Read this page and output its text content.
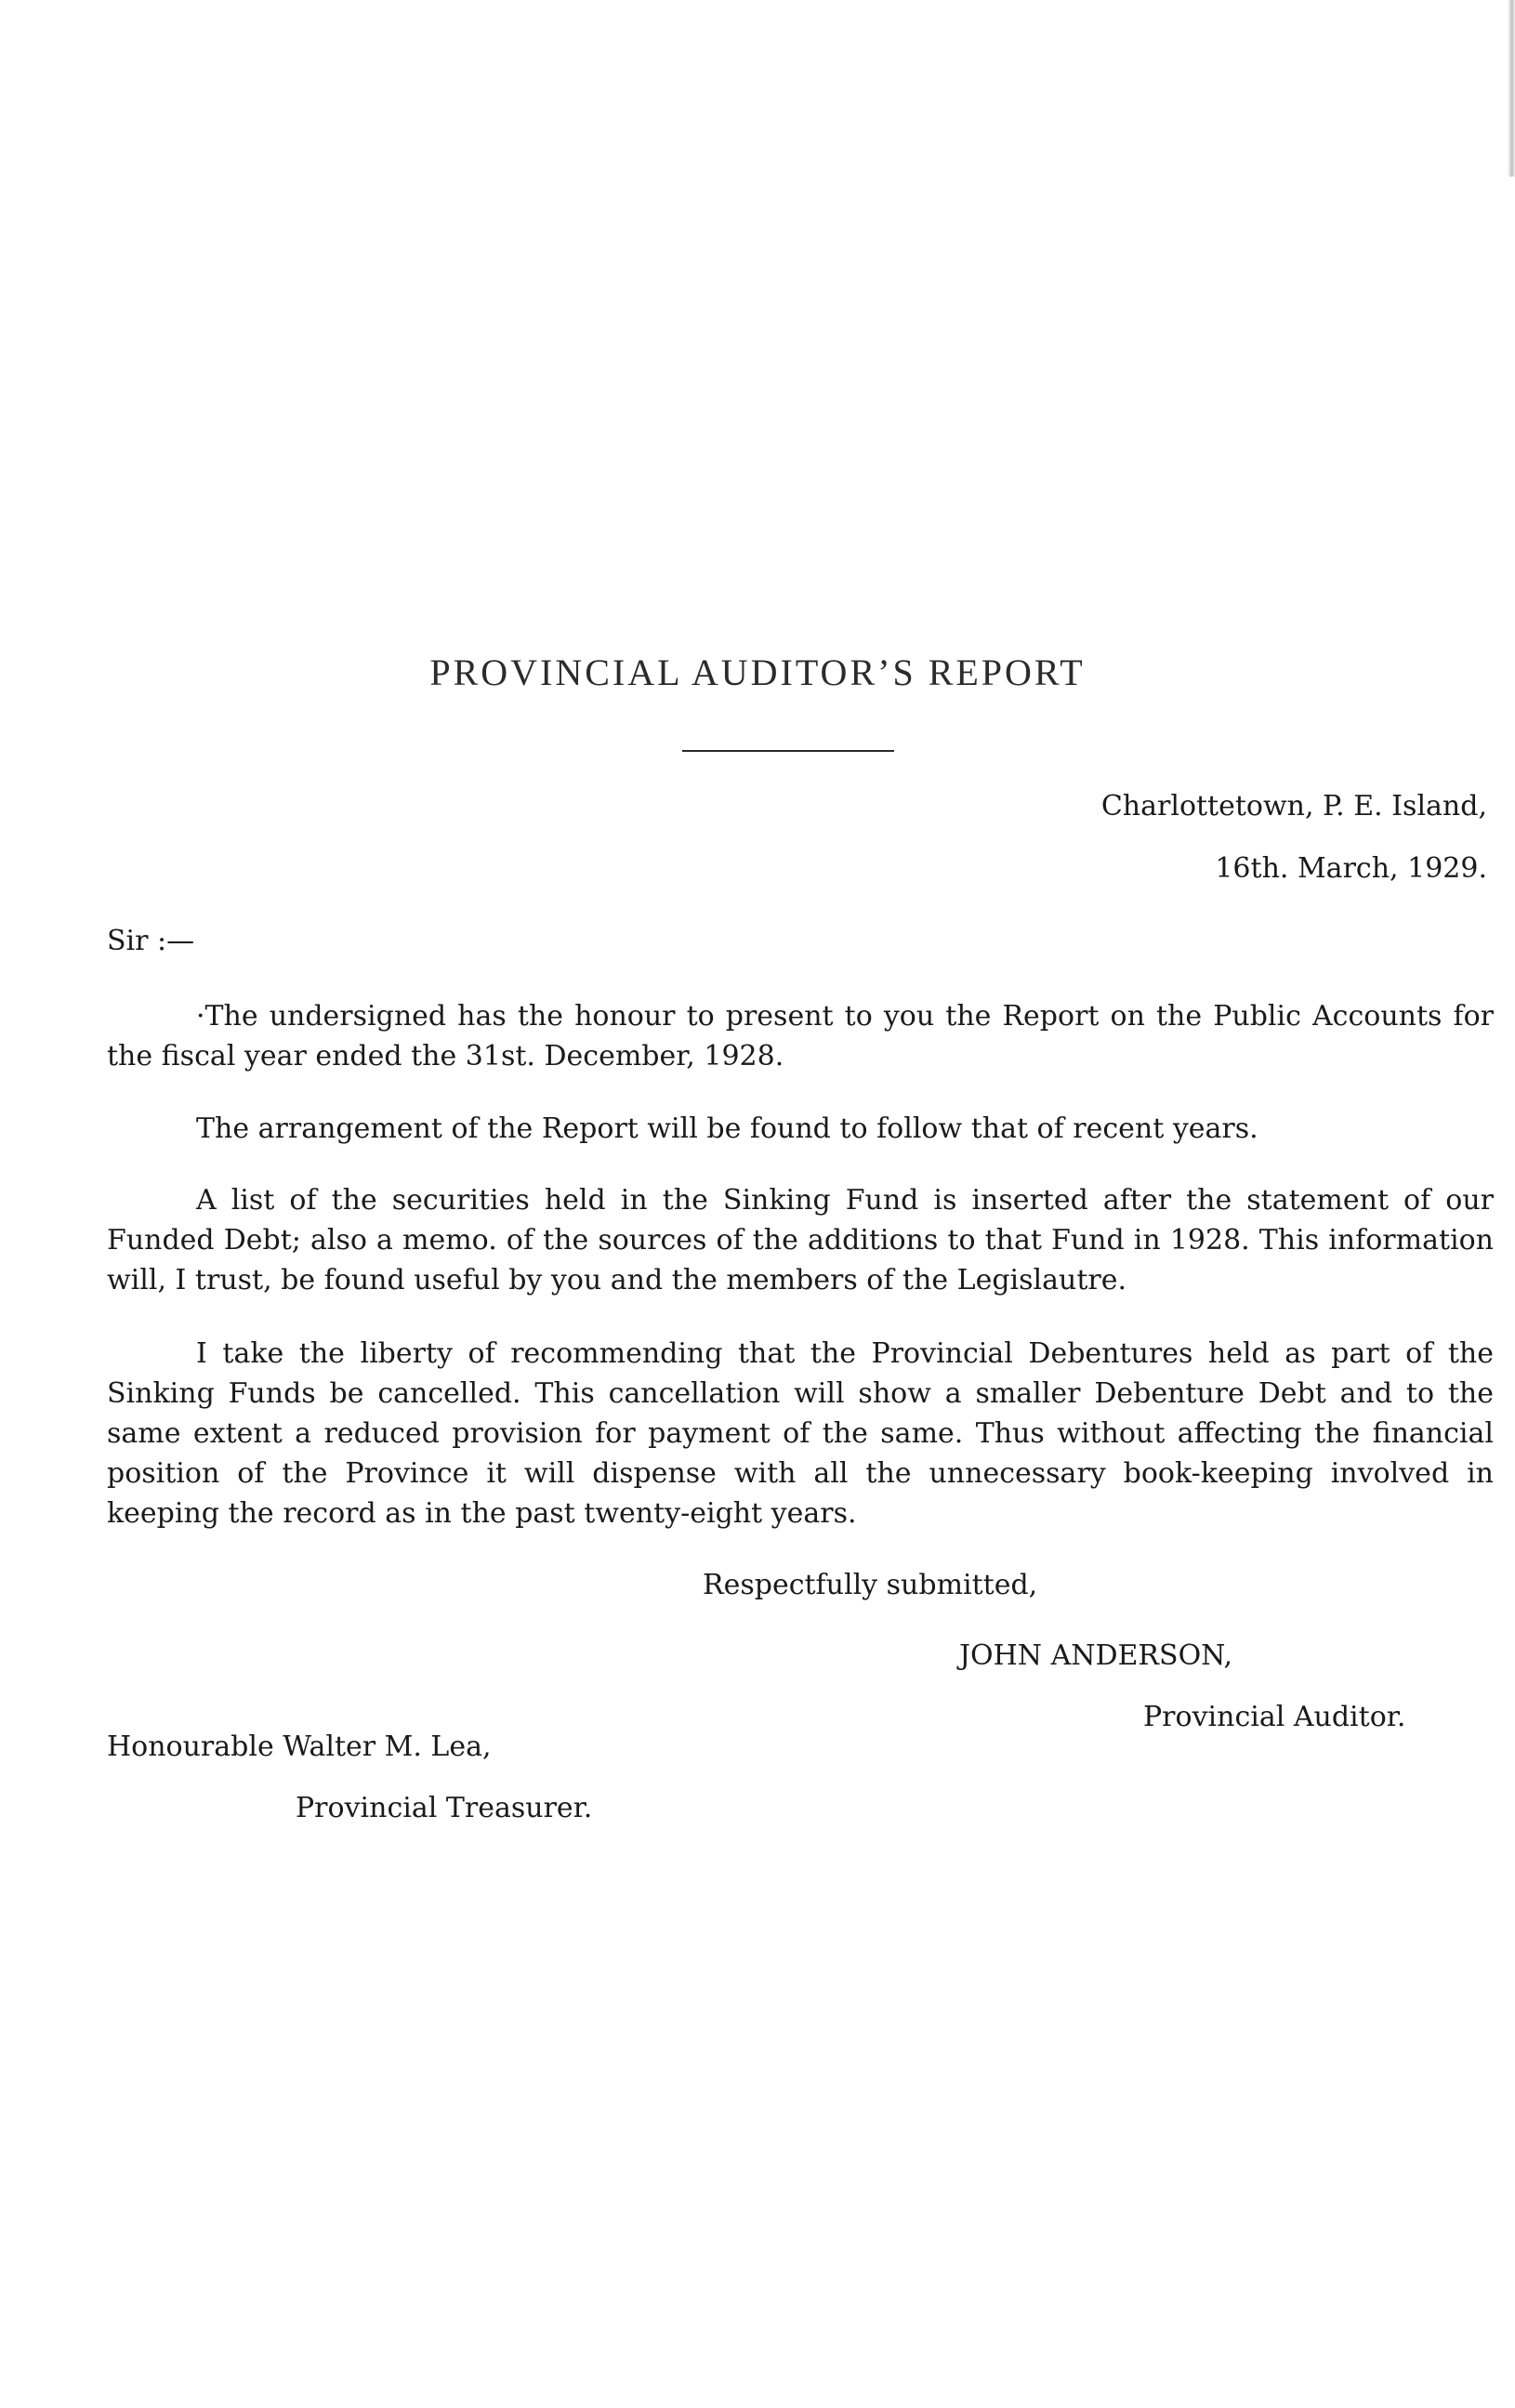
PROVINCIAL AUDITOR’S REPORT
Charlottetown, P. E. Island,
16th. March, 1929.
Sir :—

·The undersigned has the honour to present to you the Report on the Public Accounts for the fiscal year ended the 31st. December, 1928.

The arrangement of the Report will be found to follow that of recent years.

A list of the securities held in the Sinking Fund is inserted after the statement of our Funded Debt; also a memo. of the sources of the additions to that Fund in 1928. This information will, I trust, be found useful by you and the members of the Legislautre.

I take the liberty of recommending that the Provincial Debentures held as part of the Sinking Funds be cancelled. This cancellation will show a smaller Debenture Debt and to the same extent a reduced provision for payment of the same. Thus without affecting the financial position of the Province it will dispense with all the unnecessary book-keeping involved in keeping the record as in the past twenty-eight years.

Respectfully submitted,
JOHN ANDERSON,
Provincial Auditor.
Honourable Walter M. Lea,
Provincial Treasurer.
